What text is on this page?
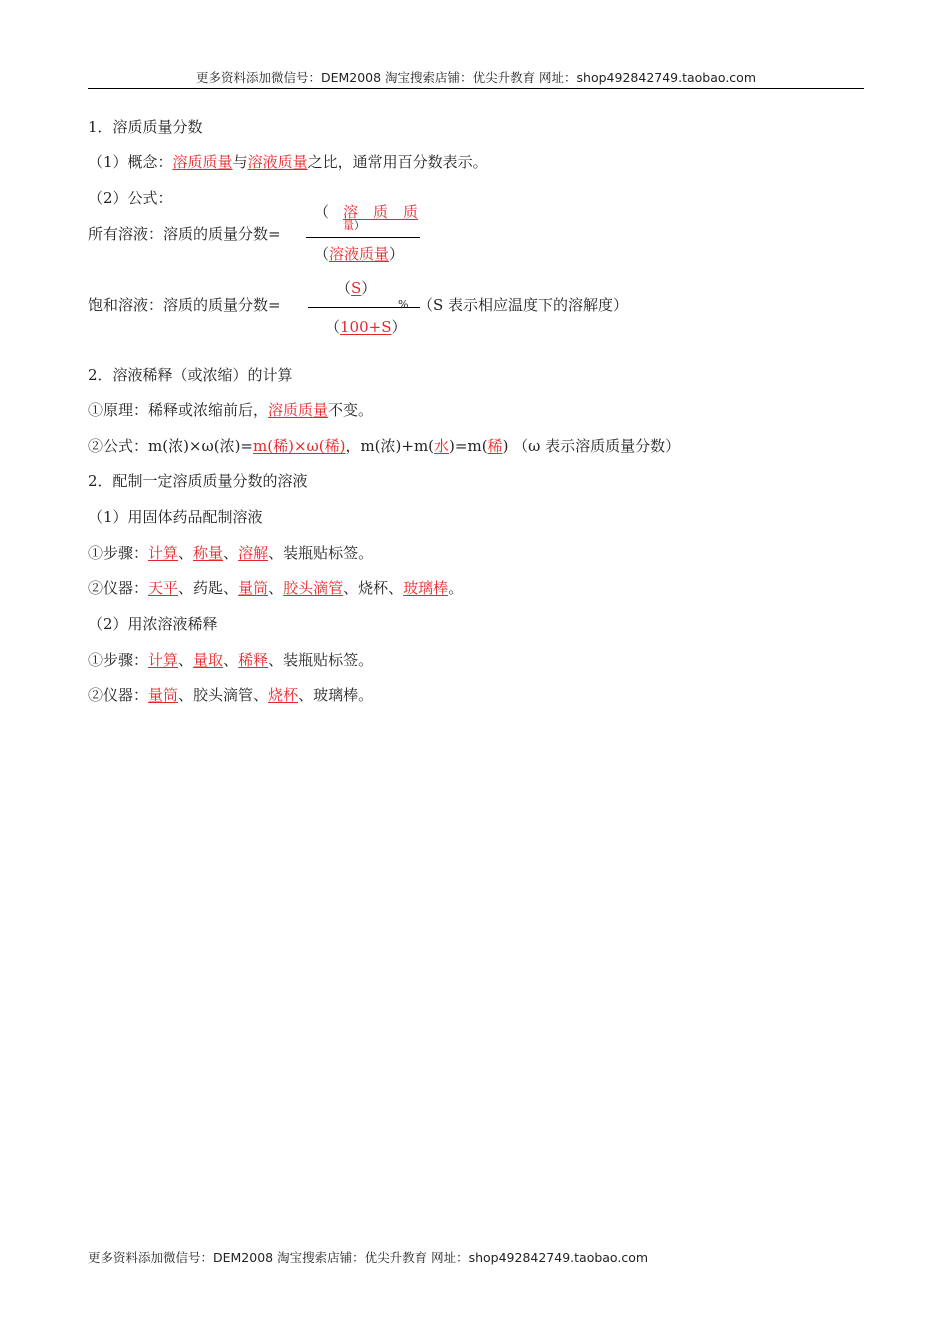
更多资料添加微信号：DEM2008 淘宝搜索店铺：优尖升教育 网址：shop492842749.taobao.com
1．溶质质量分数
（1）概念：溶质质量与溶液质量之比，通常用百分数表示。
（2）公式：
所有溶液：溶质的质量分数=
（ 溶　质　质
量）
（溶液质量）
饱和溶液：溶质的质量分数=
（S）
% （S 表示相应温度下的溶解度）
（100+S）
2．溶液稀释（或浓缩）的计算
①原理：稀释或浓缩前后，溶质质量不变。
②公式：m(浓)×ω(浓)=m(稀)×ω(稀)，m(浓)+m(水)=m(稀) （ω 表示溶质质量分数）
2．配制一定溶质质量分数的溶液
（1）用固体药品配制溶液
①步骤：计算、称量、溶解、装瓶贴标签。
②仪器：天平、药匙、量筒、胶头滴管、烧杯、玻璃棒。
（2）用浓溶液稀释
①步骤：计算、量取、稀释、装瓶贴标签。
②仪器：量筒、胶头滴管、烧杯、玻璃棒。
更多资料添加微信号：DEM2008 淘宝搜索店铺：优尖升教育 网址：shop492842749.taobao.com
